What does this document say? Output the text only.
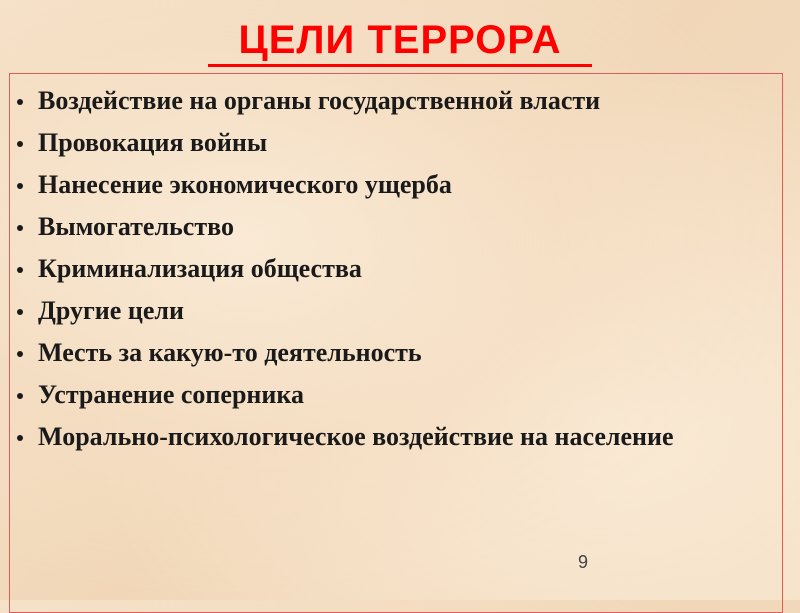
ЦЕЛИ ТЕРРОРА
Воздействие на органы государственной власти
Провокация войны
Нанесение экономического ущерба
Вымогательство
Криминализация общества
Другие цели
Месть за какую-то деятельность
Устранение соперника
Морально-психологическое воздействие на население
9
